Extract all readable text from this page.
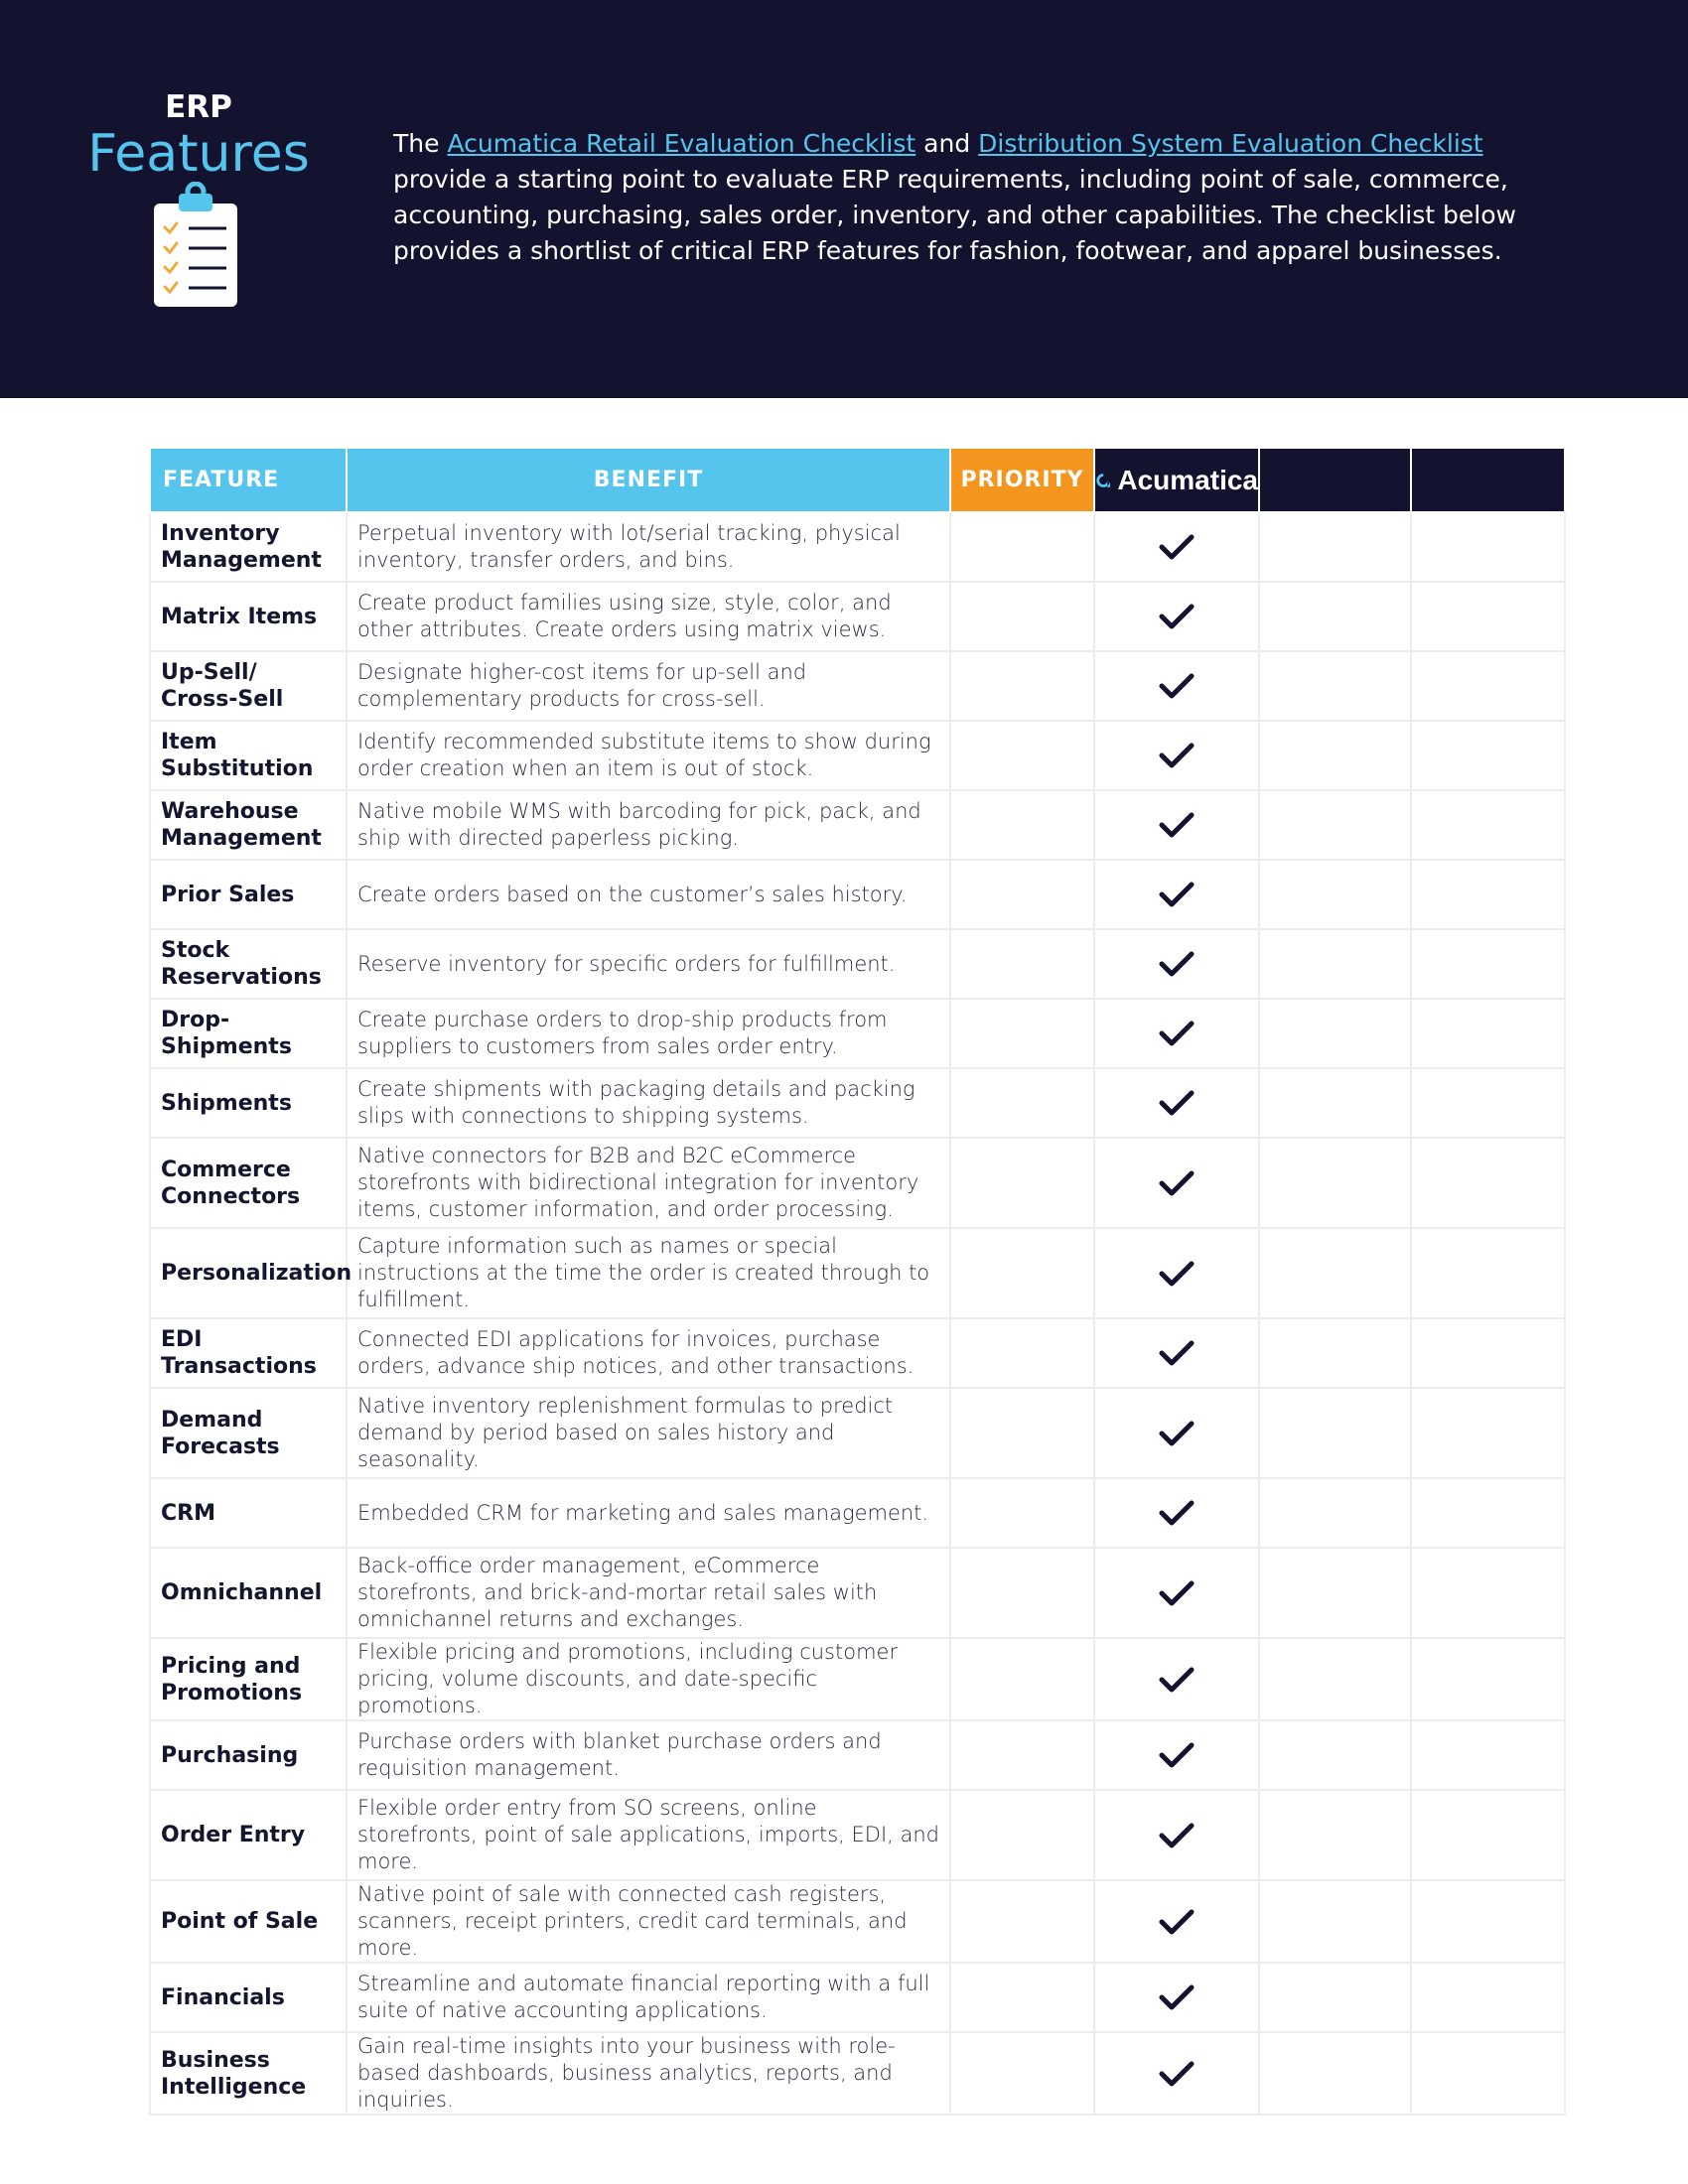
ERP
Features	The Acumatica Retail Evaluation Checklist and Distribution System Evaluation Checklist provide a starting point to evaluate ERP requirements, including point of sale, commerce, accounting, purchasing, sales order, inventory, and other capabilities. The checklist below provides a shortlist of critical ERP features for fashion, footwear, and apparel businesses.
FEATURE	BENEFIT	PRIORITY	Acumatica		

Inventory Management	Perpetual inventory with lot/serial tracking, physical inventory, transfer orders, and bins.				
Matrix Items	Create product families using size, style, color, and other attributes. Create orders using matrix views.				
Up-Sell/ Cross-Sell	Designate higher-cost items for up-sell and complementary products for cross-sell.				
Item Substitution	Identify recommended substitute items to show during order creation when an item is out of stock.				
Warehouse Management	Native mobile WMS with barcoding for pick, pack, and ship with directed paperless picking.				
Prior Sales	Create orders based on the customer’s sales history.				
Stock Reservations	Reserve inventory for specific orders for fulfillment.				
Drop- Shipments	Create purchase orders to drop-ship products from suppliers to customers from sales order entry.				
Shipments	Create shipments with packaging details and packing slips with connections to shipping systems.				
Commerce Connectors	Native connectors for B2B and B2C eCommerce storefronts with bidirectional integration for inventory items, customer information, and order processing.				
Personalization	Capture information such as names or special instructions at the time the order is created through to fulfillment.				
EDI Transactions	Connected EDI applications for invoices, purchase orders, advance ship notices, and other transactions.				
Demand Forecasts	Native inventory replenishment formulas to predict demand by period based on sales history and seasonality.				
CRM	Embedded CRM for marketing and sales management.				
Omnichannel	Back-office order management, eCommerce storefronts, and brick-and-mortar retail sales with omnichannel returns and exchanges.				
Pricing and Promotions	Flexible pricing and promotions, including customer pricing, volume discounts, and date-specific promotions.				
Purchasing	Purchase orders with blanket purchase orders and requisition management.				
Order Entry	Flexible order entry from SO screens, online storefronts, point of sale applications, imports, EDI, and more.				
Point of Sale	Native point of sale with connected cash registers, scanners, receipt printers, credit card terminals, and more.				
Financials	Streamline and automate financial reporting with a full suite of native accounting applications.				
Business Intelligence	Gain real-time insights into your business with role-based dashboards, business analytics, reports, and inquiries.				
